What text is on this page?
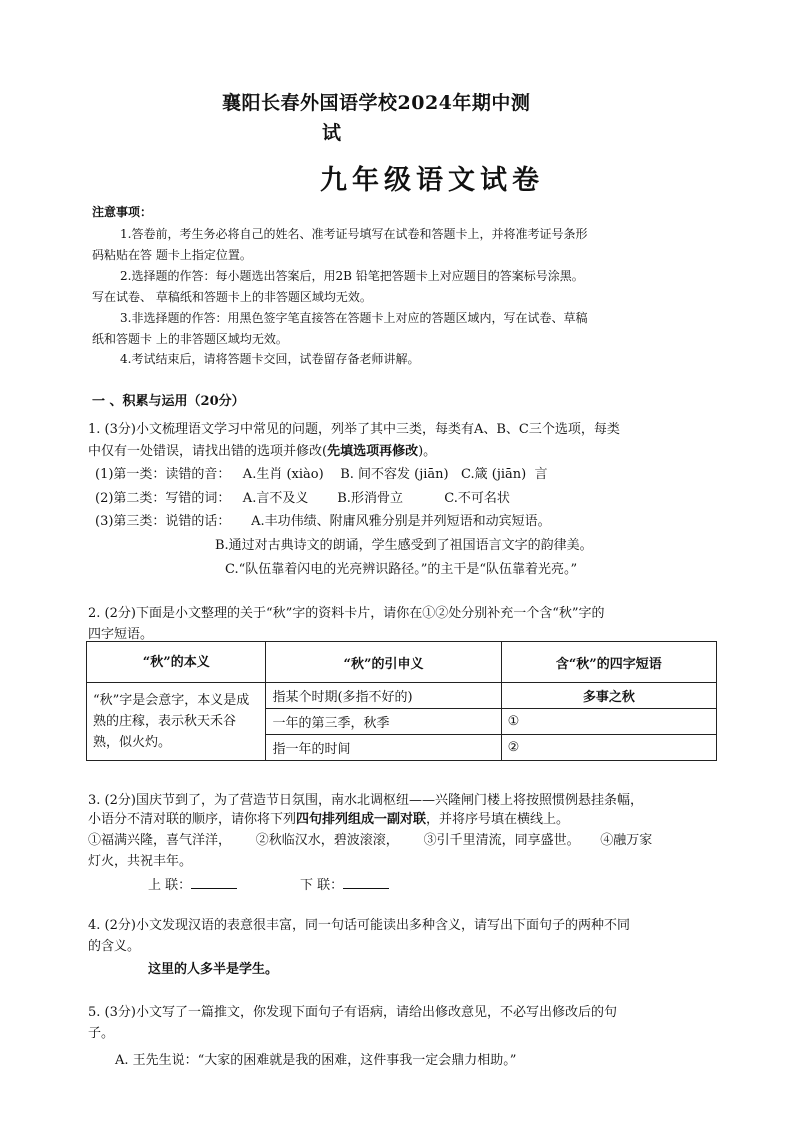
襄阳长春外国语学校2024年期中测
试
九年级语文试卷
注意事项：
1.答卷前，考生务必将自己的姓名、准考证号填写在试卷和答题卡上，并将准考证号条形
码粘贴在答 题卡上指定位置。
2.选择题的作答：每小题选出答案后，用2B 铅笔把答题卡上对应题目的答案标号涂黑。
写在试卷、 草稿纸和答题卡上的非答题区域均无效。
3.非选择题的作答：用黑色签字笔直接答在答题卡上对应的答题区域内，写在试卷、草稿
纸和答题卡 上的非答题区域均无效。
4.考试结束后，请将答题卡交回，试卷留存备老师讲解。
一 、积累与运用（20分）
1. (3分)小文梳理语文学习中常见的问题，列举了其中三类，每类有A、B、C三个选项，每类
中仅有一处错误，请找出错的选项并修改(先填选项再修改)。
(1)第一类：读错的音：   A.生肖 (xiào)    B. 间不容发 (jiān)   C.箴 (jiān)  言
(2)第二类：写错的词：   A.言不及义       B.形消骨立          C.不可名状
(3)第三类：说错的话：     A.丰功伟绩、附庸风雅分别是并列短语和动宾短语。
B.通过对古典诗文的朗诵，学生感受到了祖国语言文字的韵律美。
C.“队伍靠着闪电的光亮辨识路径。”的主干是“队伍靠着光亮。”
2. (2分)下面是小文整理的关于“秋”字的资料卡片，请你在①②处分别补充一个含“秋”字的
四字短语。
“秋”的本义	“秋”的引申义	含“秋”的四字短语
“秋”字是会意字，本义是成熟的庄稼，表示秋天禾谷熟，似火灼。	指某个时期(多指不好的)	多事之秋
	一年的第三季，秋季	①
	指一年的时间	②
3. (2分)国庆节到了，为了营造节日氛围，南水北调枢纽——兴隆闸门楼上将按照惯例悬挂条幅，
小语分不清对联的顺序，请你将下列四句排列组成一副对联，并将序号填在横线上。
①福满兴隆，喜气洋洋，      ②秋临汉水，碧波滚滚，      ③引千里清流，同享盛世。     ④融万家
灯火，共祝丰年。
上 联：	下 联：
4. (2分)小文发现汉语的表意很丰富，同一句话可能读出多种含义，请写出下面句子的两种不同
的含义。
这里的人多半是学生。
5. (3分)小文写了一篇推文，你发现下面句子有语病，请给出修改意见，不必写出修改后的句
子。
A. 王先生说：“大家的困难就是我的困难，这件事我一定会鼎力相助。”
